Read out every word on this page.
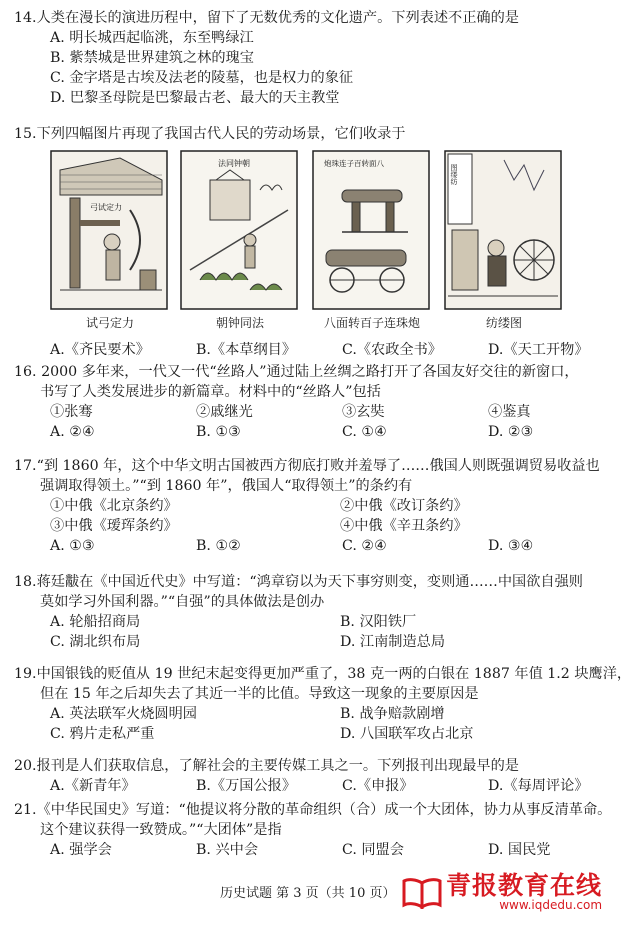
14.人类在漫长的演进历程中，留下了无数优秀的文化遗产。下列表述不正确的是
A. 明长城西起临洮，东至鸭绿江
B. 紫禁城是世界建筑之林的瑰宝
C. 金字塔是古埃及法老的陵墓，也是权力的象征
D. 巴黎圣母院是巴黎最古老、最大的天主教堂
15.下列四幅图片再现了我国古代人民的劳动场景，它们收录于
弓试定力
试弓定力
法同钟朝
朝钟同法
炮珠连子百转面八
八面转百子连珠炮
图缕纺
纺缕图
A.《齐民要术》	B.《本草纲目》	C.《农政全书》	D.《天工开物》
16. 2000 多年来，一代又一代“丝路人”通过陆上丝绸之路打开了各国友好交往的新窗口，
书写了人类发展进步的新篇章。材料中的“丝路人”包括
①张骞	②戚继光	③玄奘	④鉴真
A. ②④	B. ①③	C. ①④	D. ②③
17.“到 1860 年，这个中华文明古国被西方彻底打败并羞辱了……俄国人则既强调贸易收益也
强调取得领土。”“到 1860 年”，俄国人“取得领土”的条约有
①中俄《北京条约》	②中俄《改订条约》
③中俄《瑷珲条约》	④中俄《辛丑条约》
A. ①③	B. ①②	C. ②④	D. ③④
18.蒋廷黻在《中国近代史》中写道：“鸿章窃以为天下事穷则变，变则通……中国欲自强则
莫如学习外国利器。”“自强”的具体做法是创办
A. 轮船招商局	B. 汉阳铁厂
C. 湖北织布局	D. 江南制造总局
19.中国银钱的贬值从 19 世纪末起变得更加严重了，38 克一两的白银在 1887 年值 1.2 块鹰洋，
但在 15 年之后却失去了其近一半的比值。导致这一现象的主要原因是
A. 英法联军火烧圆明园	B. 战争赔款剧增
C. 鸦片走私严重	D. 八国联军攻占北京
20.报刊是人们获取信息，了解社会的主要传媒工具之一。下列报刊出现最早的是
A.《新青年》	B.《万国公报》	C.《申报》	D.《每周评论》
21.《中华民国史》写道：“他提议将分散的革命组织（合）成一个大团体，协力从事反清革命。
这个建议获得一致赞成。”“大团体”是指
A. 强学会	B. 兴中会	C. 同盟会	D. 国民党
历史试题 第 3 页（共 10 页） 青报教育在线
www.iqdedu.com
